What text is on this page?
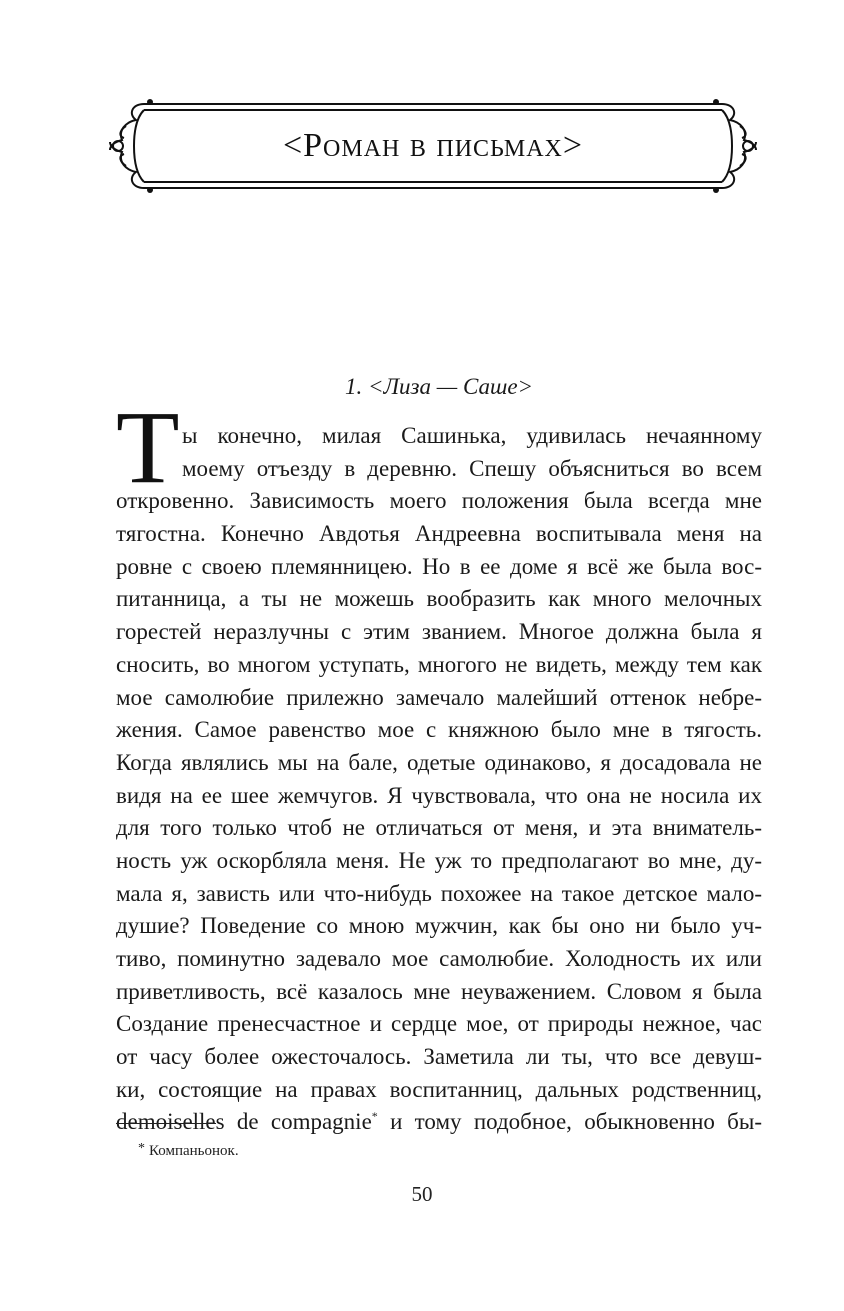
<Роман в письмах>
1. <Лиза — Саше>
Т ы конечно, милая Сашинька, удивилась нечаянному
моему отъезду в деревню. Спешу объясниться во всем
откровенно. Зависимость моего положения была всегда мне
тягостна. Конечно Авдотья Андреевна воспитывала меня на
ровне с своею племянницею. Но в ее доме я всё же была вос-
питанница, а ты не можешь вообразить как много мелочных
горестей неразлучны с этим званием. Многое должна была я
сносить, во многом уступать, многого не видеть, между тем как
мое самолюбие прилежно замечало малейший оттенок небре-
жения. Самое равенство мое с княжною было мне в тягость.
Когда являлись мы на бале, одетые одинаково, я досадовала не
видя на ее шее жемчугов. Я чувствовала, что она не носила их
для того только чтоб не отличаться от меня, и эта вниматель-
ность уж оскорбляла меня. Не уж то предполагают во мне, ду-
мала я, зависть или что-нибудь похожее на такое детское мало-
душие? Поведение со мною мужчин, как бы оно ни было уч-
тиво, поминутно задевало мое самолюбие. Холодность их или
приветливость, всё казалось мне неуважением. Словом я была
Создание пренесчастное и сердце мое, от природы нежное, час
от часу более ожесточалось. Заметила ли ты, что все девуш-
ки, состоящие на правах воспитанниц, дальных родственниц,
demoiselles de compagnie* и тому подобное, обыкновенно бы-
* Компаньонок.
50
